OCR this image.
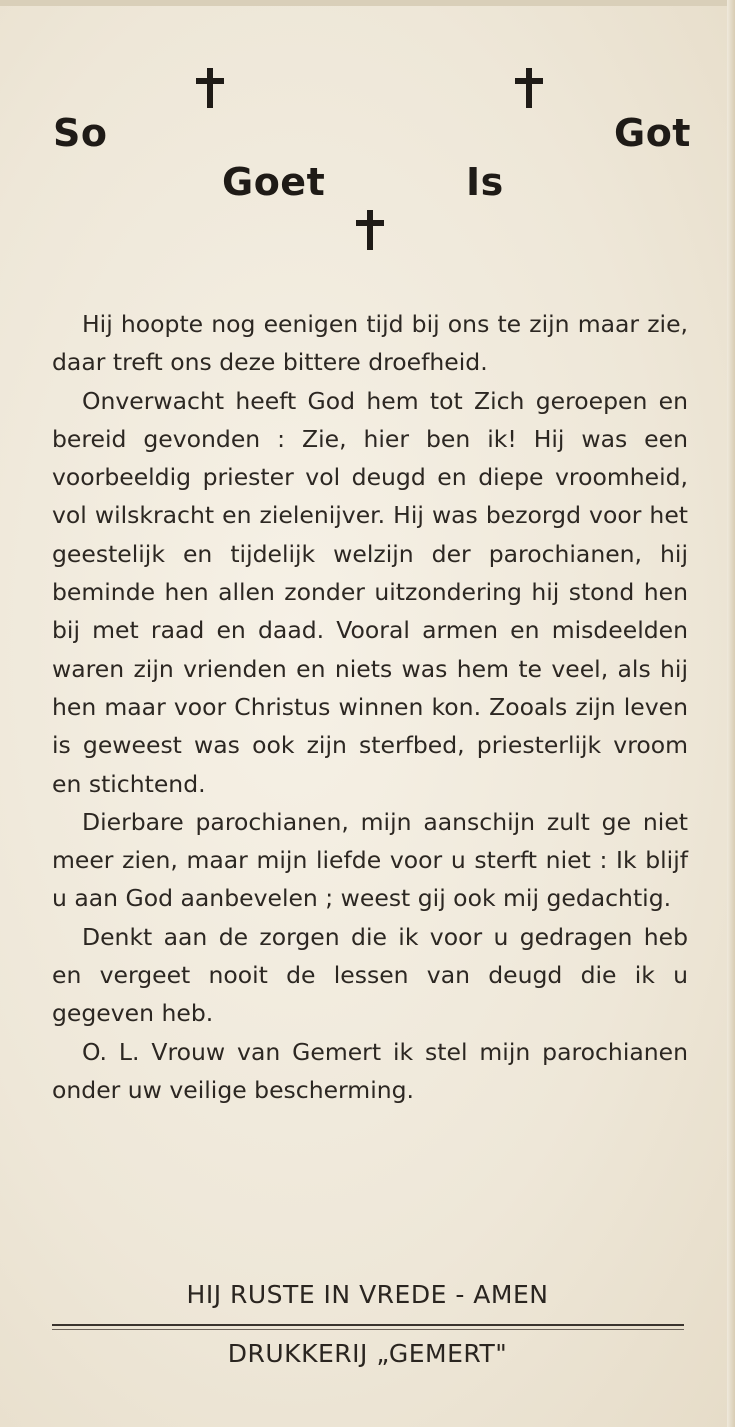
So
Goet	Is
Got

Hij hoopte nog eenigen tijd bij ons te zijn maar zie, daar treft ons deze bittere droefheid.

Onverwacht heeft God hem tot Zich geroepen en bereid gevonden : Zie, hier ben ik! Hij was een voorbeeldig priester vol deugd en diepe vroomheid, vol wilskracht en zielenijver. Hij was bezorgd voor het geestelijk en tijdelijk welzijn der parochianen, hij beminde hen allen zonder uitzondering hij stond hen bij met raad en daad. Vooral armen en misdeelden waren zijn vrienden en niets was hem te veel, als hij hen maar voor Christus winnen kon. Zooals zijn leven is geweest was ook zijn sterfbed, priesterlijk vroom en stichtend.

Dierbare parochianen, mijn aanschijn zult ge niet meer zien, maar mijn liefde voor u sterft niet : Ik blijf u aan God aanbevelen ; weest gij ook mij gedachtig.

Denkt aan de zorgen die ik voor u gedragen heb en vergeet nooit de lessen van deugd die ik u gegeven heb.

O. L. Vrouw van Gemert ik stel mijn parochianen onder uw veilige bescherming.

HIJ RUSTE IN VREDE - AMEN
DRUKKERIJ „GEMERT"
